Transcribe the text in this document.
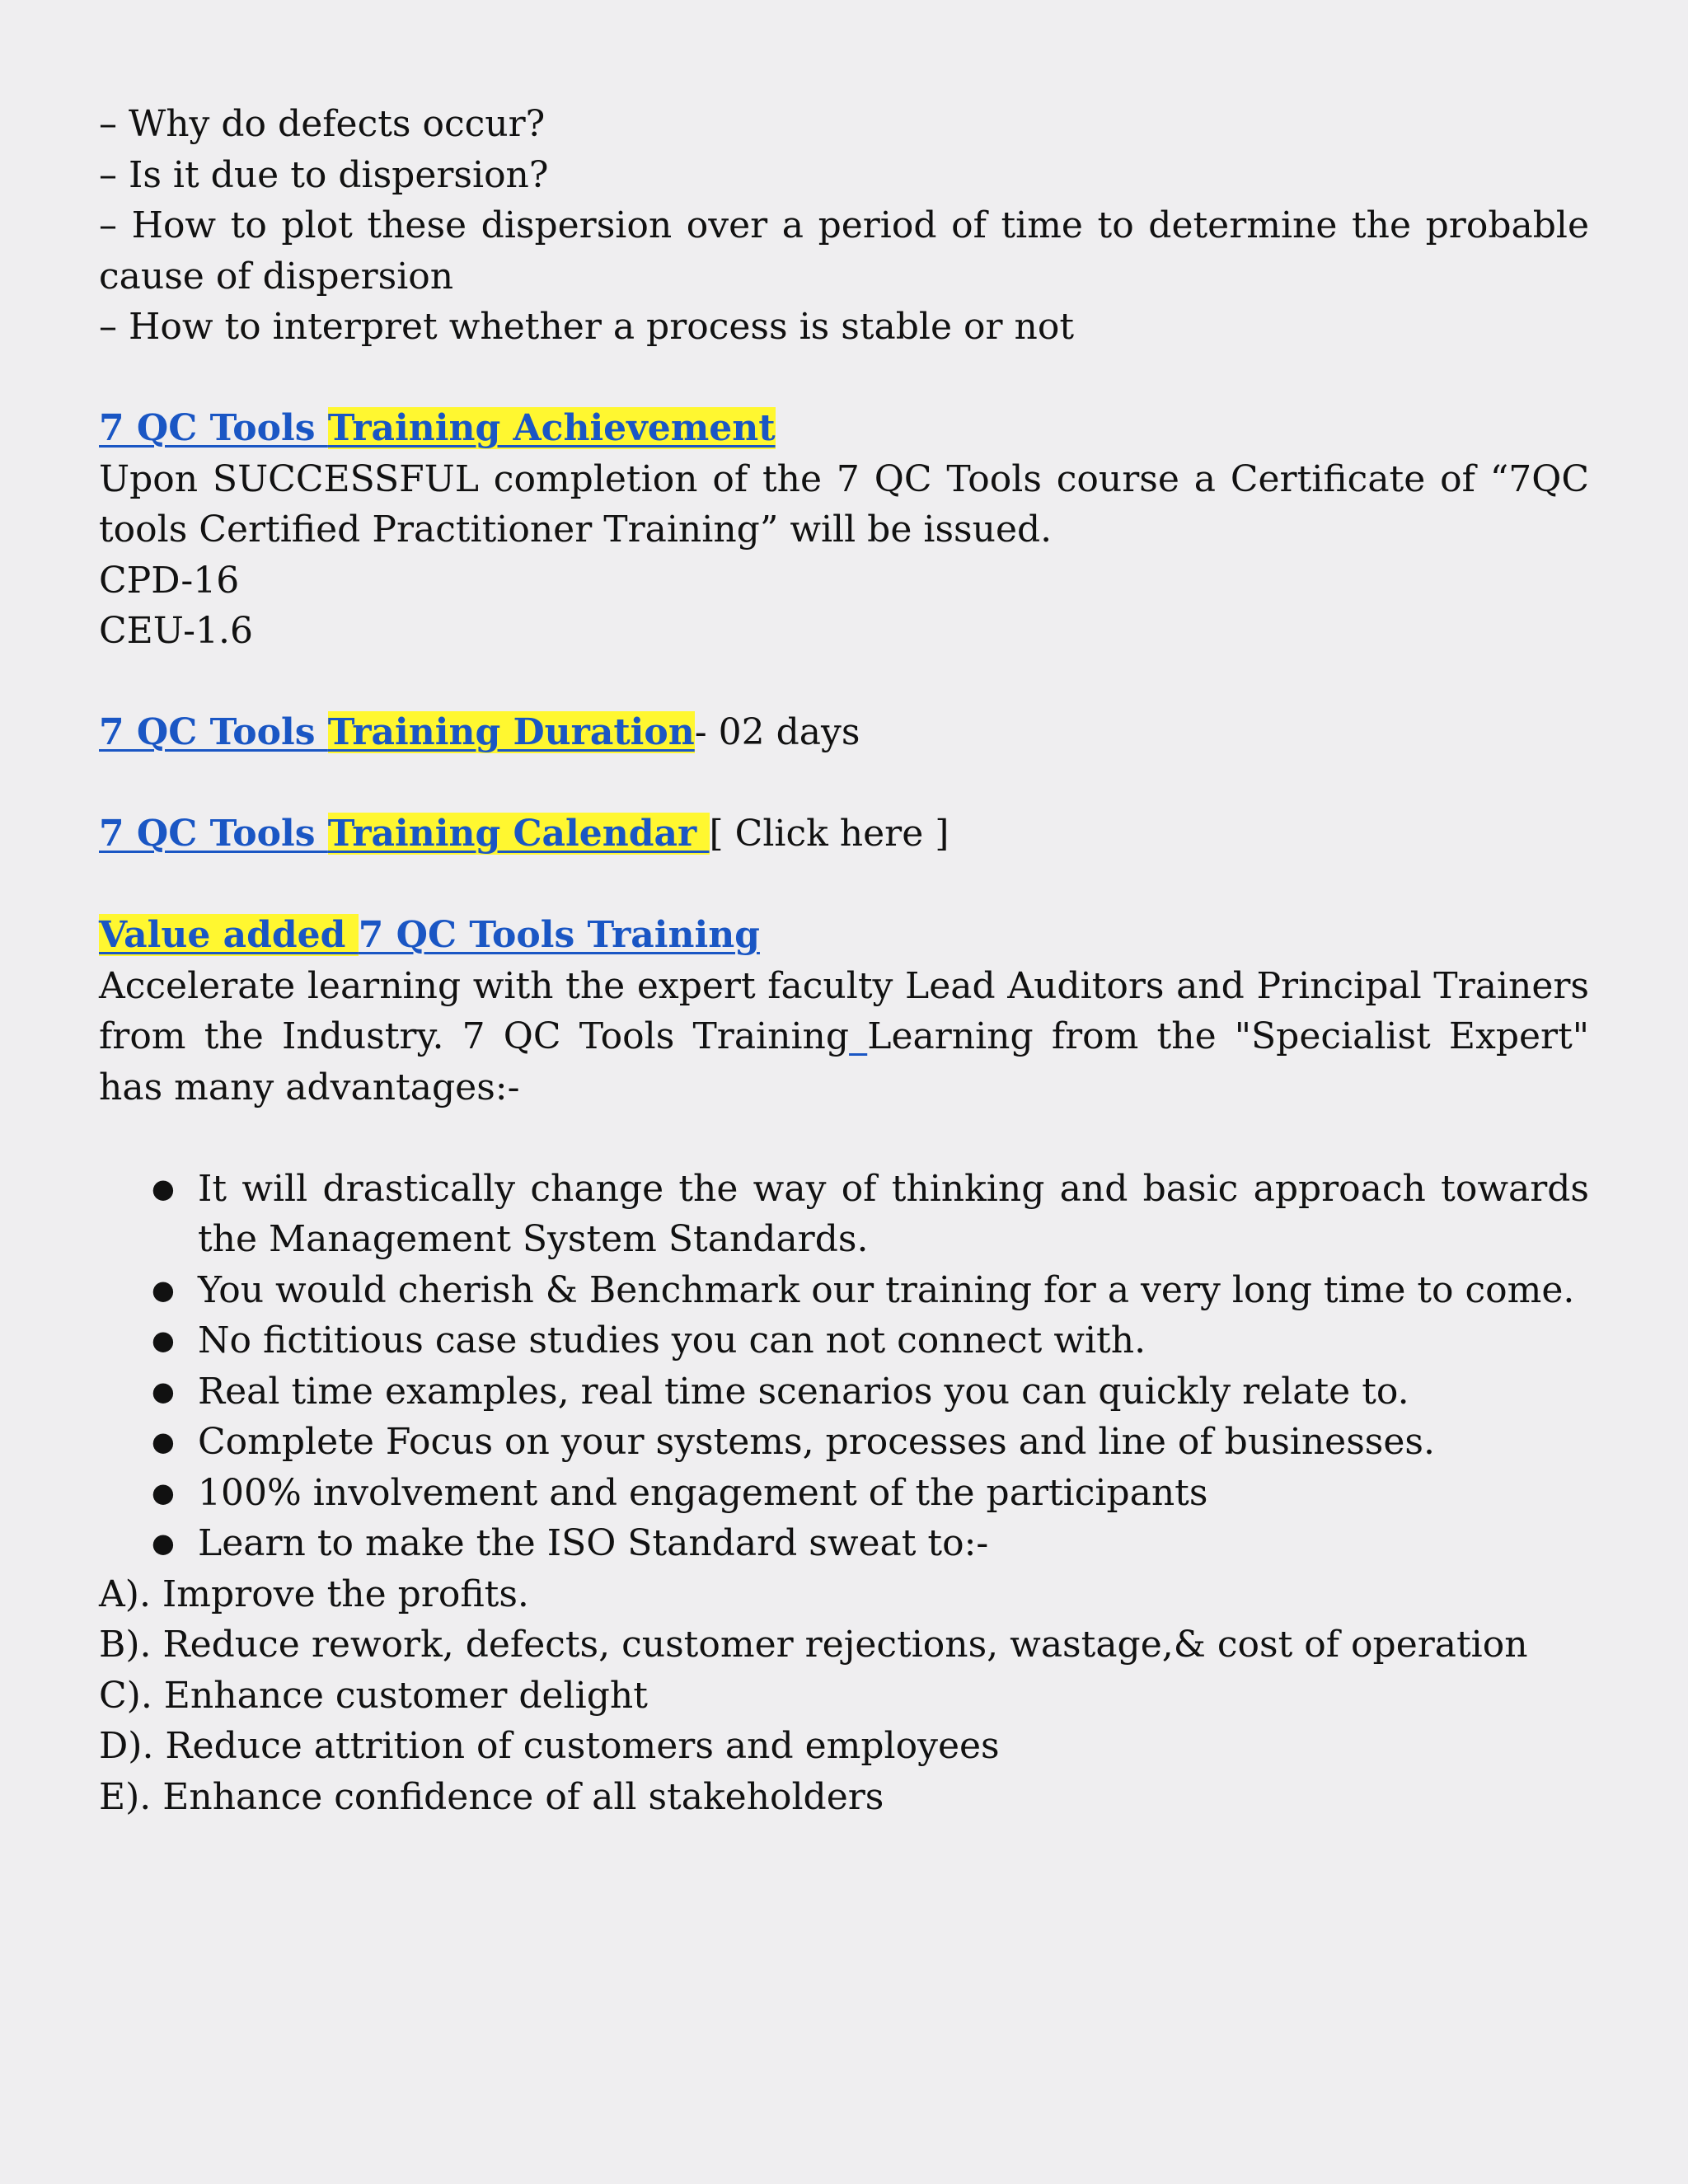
– Why do defects occur?

– Is it due to dispersion?

– How to plot these dispersion over a period of time to determine the probable cause of dispersion

– How to interpret whether a process is stable or not

7 QC Tools Training Achievement

Upon SUCCESSFUL completion of the 7 QC Tools course a Certificate of “7QC tools Certified Practitioner Training” will be issued.

CPD-16

CEU-1.6

7 QC Tools Training Duration- 02 days

7 QC Tools Training Calendar [ Click here ]

Value added 7 QC Tools Training

Accelerate learning with the expert faculty Lead Auditors and Principal Trainers from the Industry. 7 QC Tools Training Learning from the "Specialist Expert" has many advantages:-

● It will drastically change the way of thinking and basic approach towards the Management System Standards.
● You would cherish & Benchmark our training for a very long time to come.
● No fictitious case studies you can not connect with.
● Real time examples, real time scenarios you can quickly relate to.
● Complete Focus on your systems, processes and line of businesses.
● 100% involvement and engagement of the participants
● Learn to make the ISO Standard sweat to:-

A). Improve the profits.

B). Reduce rework, defects, customer rejections, wastage,& cost of operation

C). Enhance customer delight

D). Reduce attrition of customers and employees

E). Enhance confidence of all stakeholders
